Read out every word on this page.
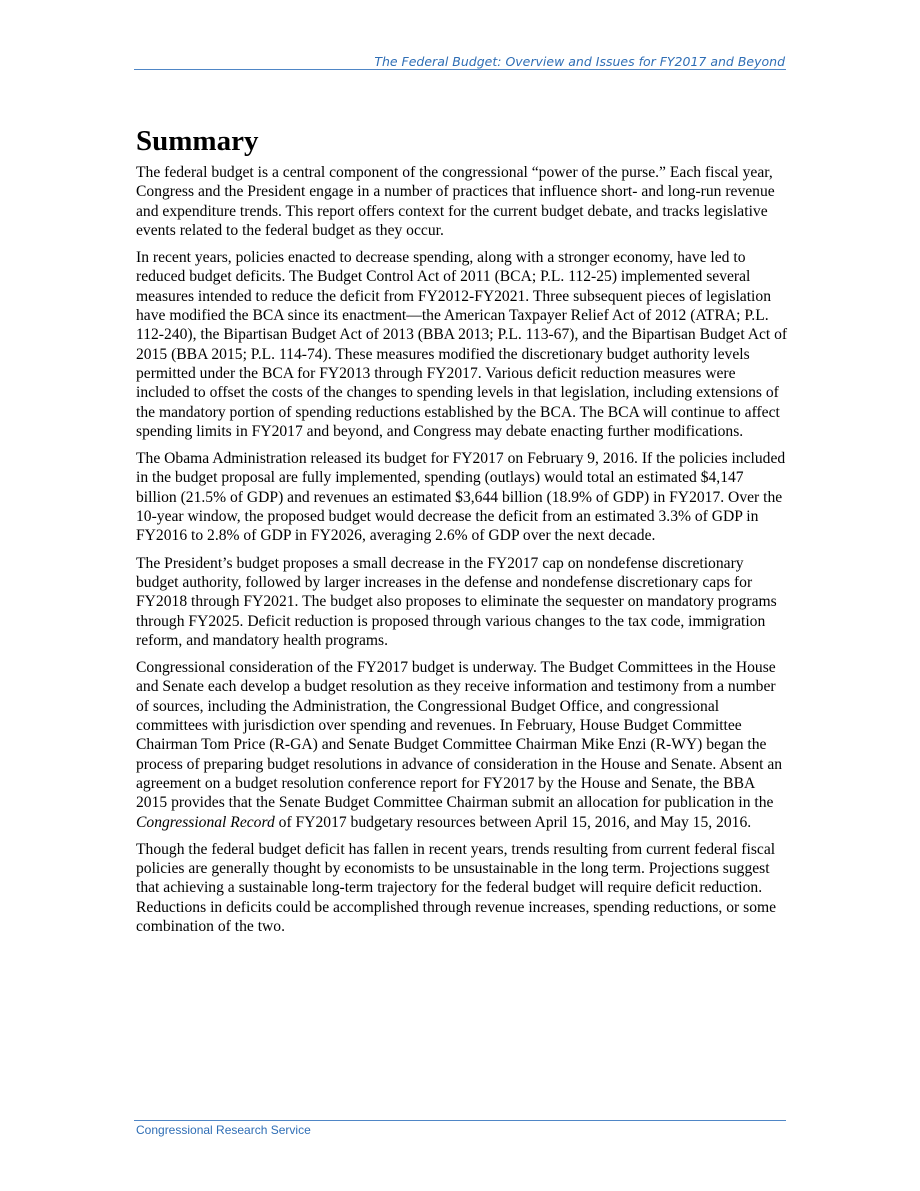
The Federal Budget: Overview and Issues for FY2017 and Beyond
Summary

The federal budget is a central component of the congressional “power of the purse.” Each fiscal year, Congress and the President engage in a number of practices that influence short- and long-run revenue and expenditure trends. This report offers context for the current budget debate, and tracks legislative events related to the federal budget as they occur.

In recent years, policies enacted to decrease spending, along with a stronger economy, have led to reduced budget deficits. The Budget Control Act of 2011 (BCA; P.L. 112-25) implemented several measures intended to reduce the deficit from FY2012-FY2021. Three subsequent pieces of legislation have modified the BCA since its enactment—the American Taxpayer Relief Act of 2012 (ATRA; P.L. 112-240), the Bipartisan Budget Act of 2013 (BBA 2013; P.L. 113-67), and the Bipartisan Budget Act of 2015 (BBA 2015; P.L. 114-74). These measures modified the discretionary budget authority levels permitted under the BCA for FY2013 through FY2017. Various deficit reduction measures were included to offset the costs of the changes to spending levels in that legislation, including extensions of the mandatory portion of spending reductions established by the BCA. The BCA will continue to affect spending limits in FY2017 and beyond, and Congress may debate enacting further modifications.

The Obama Administration released its budget for FY2017 on February 9, 2016. If the policies included in the budget proposal are fully implemented, spending (outlays) would total an estimated $4,147 billion (21.5% of GDP) and revenues an estimated $3,644 billion (18.9% of GDP) in FY2017. Over the 10-year window, the proposed budget would decrease the deficit from an estimated 3.3% of GDP in FY2016 to 2.8% of GDP in FY2026, averaging 2.6% of GDP over the next decade.

The President’s budget proposes a small decrease in the FY2017 cap on nondefense discretionary budget authority, followed by larger increases in the defense and nondefense discretionary caps for FY2018 through FY2021. The budget also proposes to eliminate the sequester on mandatory programs through FY2025. Deficit reduction is proposed through various changes to the tax code, immigration reform, and mandatory health programs.

Congressional consideration of the FY2017 budget is underway. The Budget Committees in the House and Senate each develop a budget resolution as they receive information and testimony from a number of sources, including the Administration, the Congressional Budget Office, and congressional committees with jurisdiction over spending and revenues. In February, House Budget Committee Chairman Tom Price (R-GA) and Senate Budget Committee Chairman Mike Enzi (R-WY) began the process of preparing budget resolutions in advance of consideration in the House and Senate. Absent an agreement on a budget resolution conference report for FY2017 by the House and Senate, the BBA 2015 provides that the Senate Budget Committee Chairman submit an allocation for publication in the Congressional Record of FY2017 budgetary resources between April 15, 2016, and May 15, 2016.

Though the federal budget deficit has fallen in recent years, trends resulting from current federal fiscal policies are generally thought by economists to be unsustainable in the long term. Projections suggest that achieving a sustainable long-term trajectory for the federal budget will require deficit reduction. Reductions in deficits could be accomplished through revenue increases, spending reductions, or some combination of the two.

Congressional Research Service
